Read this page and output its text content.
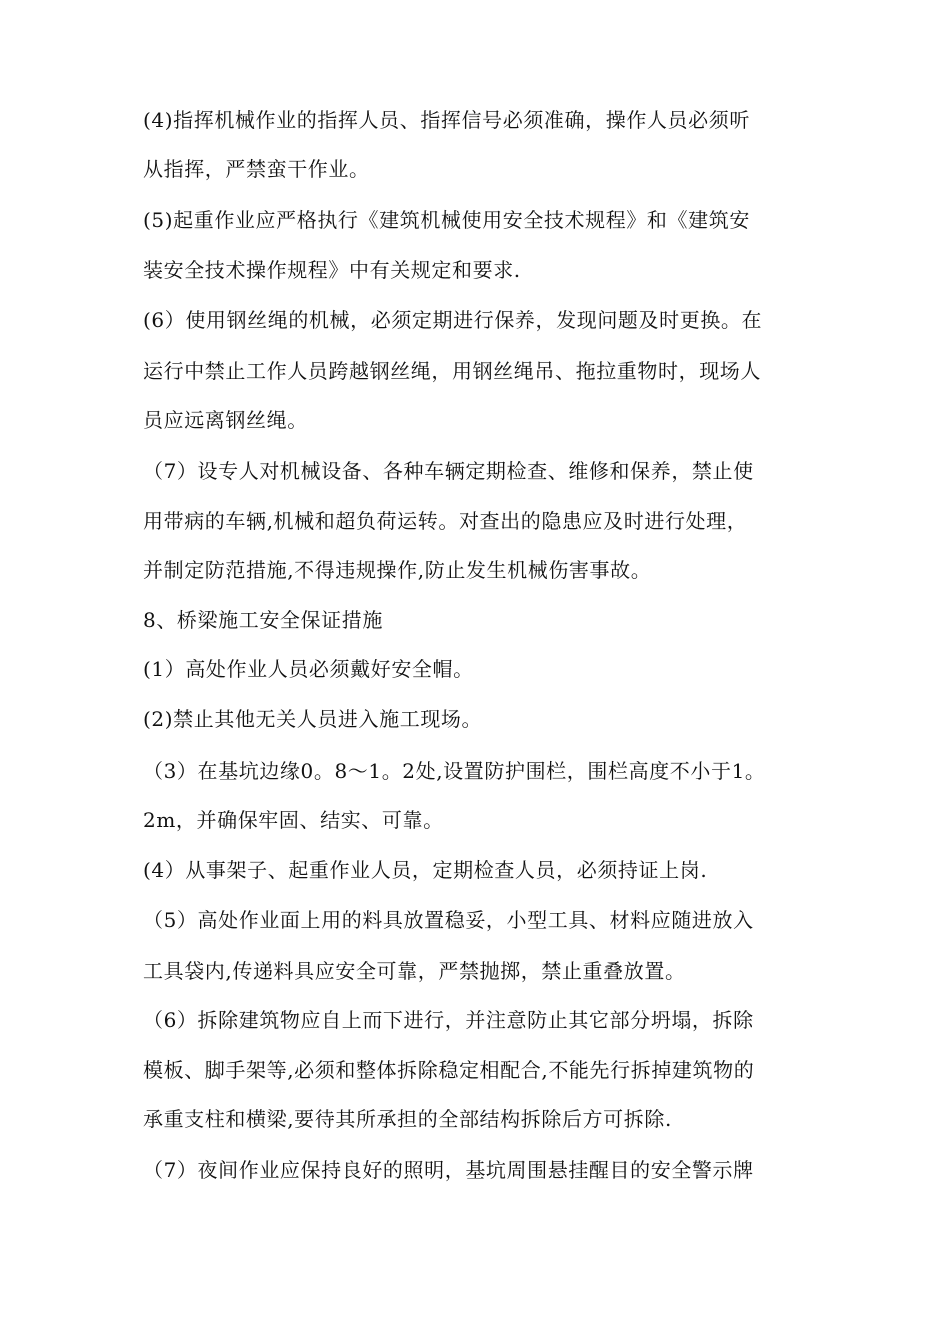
(4)指挥机械作业的指挥人员、指挥信号必须准确，操作人员必须听
从指挥，严禁蛮干作业。
(5)起重作业应严格执行《建筑机械使用安全技术规程》和《建筑安
装安全技术操作规程》中有关规定和要求.
(6）使用钢丝绳的机械，必须定期进行保养，发现问题及时更换。在
运行中禁止工作人员跨越钢丝绳，用钢丝绳吊、拖拉重物时，现场人
员应远离钢丝绳。
（7）设专人对机械设备、各种车辆定期检查、维修和保养，禁止使
用带病的车辆,机械和超负荷运转。对查出的隐患应及时进行处理，
并制定防范措施,不得违规操作,防止发生机械伤害事故。
8、桥梁施工安全保证措施
(1）高处作业人员必须戴好安全帽。
(2)禁止其他无关人员进入施工现场。
（3）在基坑边缘0。8～1。2处,设置防护围栏，围栏高度不小于1。
2m，并确保牢固、结实、可靠。
(4）从事架子、起重作业人员，定期检查人员，必须持证上岗.
（5）高处作业面上用的料具放置稳妥，小型工具、材料应随进放入
工具袋内,传递料具应安全可靠，严禁抛掷，禁止重叠放置。
（6）拆除建筑物应自上而下进行，并注意防止其它部分坍塌，拆除
模板、脚手架等,必须和整体拆除稳定相配合,不能先行拆掉建筑物的
承重支柱和横梁,要待其所承担的全部结构拆除后方可拆除.
（7）夜间作业应保持良好的照明，基坑周围悬挂醒目的安全警示牌
